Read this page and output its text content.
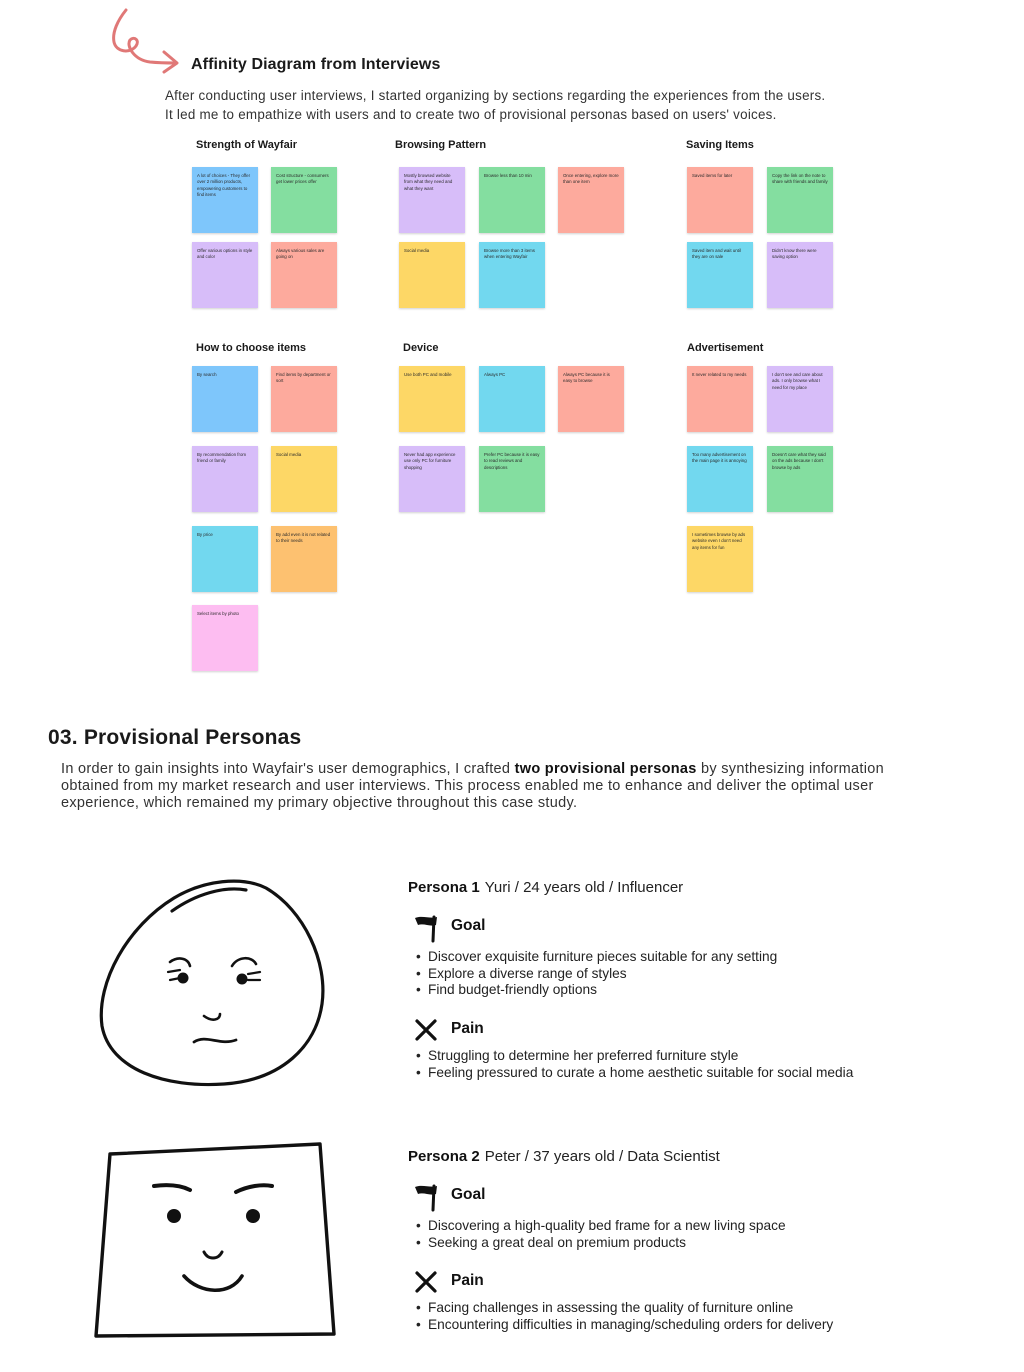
Affinity Diagram from Interviews

After conducting user interviews, I started organizing by sections regarding the experiences from the users.

It led me to empathize with users and to create two of provisional personas based on users' voices.

Strength of Wayfair
A lot of choices - They offer over 2 million products, empowering customers to find items
Cost structure - consumers get lower prices offer
Offer various options in style and color
Always various sales are going on
Browsing Pattern
Mostly browsed website from what they need and what they want
Browse less than 10 min	Once entering, explore more than one item
Social media	Browse more than 3 items when entering Wayfair
Saving Items
Saved items for later	Copy the link on the note to share with friends and family
Saved item and wait until they are on sale
Didn't know there were saving option
How to choose items
By search	Find items by department or sort
By recommendation from friend or family
Social media
By price	By add even it is not related to their needs
Select items by photo
Device
Use both PC and mobile	Always PC	Always PC because it is easy to browse
Never had app experience use only PC for furniture shopping
Prefer PC because it is easy to read reviews and descriptions
Advertisement
It never related to my needs	I don't see and care about ads. I only browse what I need for my place
Too many advertisement on the main page it is annoying
Doesn't care what they said on the ads because I don't browse by ads
I sometimes browse by ads website even I don't need any items for fun
03. Provisional Personas
In order to gain insights into Wayfair's user demographics, I crafted two provisional personas by synthesizing information obtained from my market research and user interviews. This process enabled me to enhance and deliver the optimal user experience, which remained my primary objective throughout this case study.
Persona 1 Yuri / 24 years old / Influencer
Goal
• Discover exquisite furniture pieces suitable for any setting
• Explore a diverse range of styles
• Find budget-friendly options
Pain
• Struggling to determine her preferred furniture style
• Feeling pressured to curate a home aesthetic suitable for social media
Persona 2 Peter / 37 years old / Data Scientist
Goal
• Discovering a high-quality bed frame for a new living space
• Seeking a great deal on premium products
Pain
• Facing challenges in assessing the quality of furniture online
• Encountering difficulties in managing/scheduling orders for delivery
